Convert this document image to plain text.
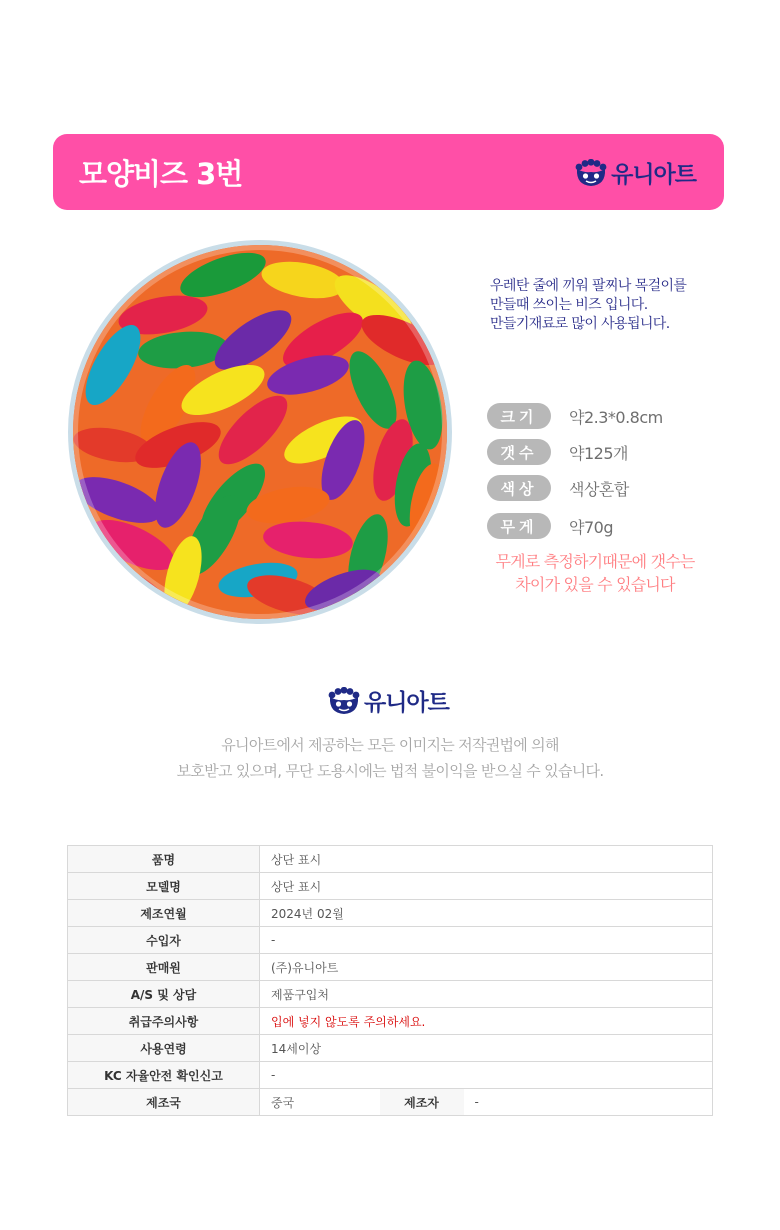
모양비즈 3번	유니아트
우레탄 줄에 끼워 팔찌나 목걸이를
만들때 쓰이는 비즈 입니다.
만들기재료로 많이 사용됩니다.
크기	약2.3*0.8cm
갯수	약125개
색상	색상혼합
무게	약70g
무게로 측정하기때문에 갯수는
차이가 있을 수 있습니다
유니아트
유니아트에서 제공하는 모든 이미지는 저작권법에 의해
보호받고 있으며, 무단 도용시에는 법적 불이익을 받으실 수 있습니다.
품명	상단 표시		
모델명	상단 표시		
제조연월	2024년 02월		
수입자	-		
판매원	(주)유니아트		
A/S 및 상담	제품구입처		
취급주의사항	입에 넣지 않도록 주의하세요.		
사용연령	14세이상		
KC 자율안전 확인신고	-		
제조국	중국	제조자	-
